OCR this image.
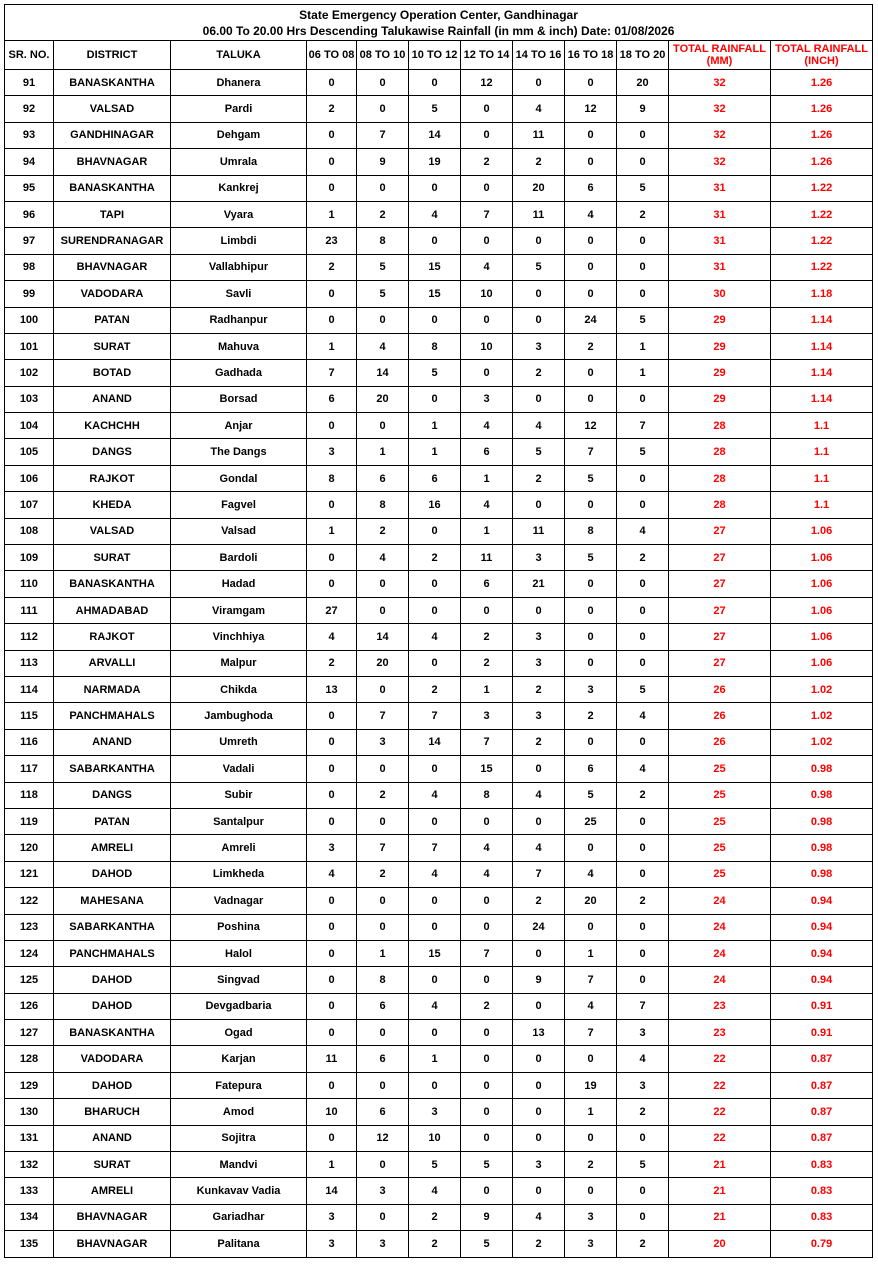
State Emergency Operation Center, Gandhinagar
06.00 To 20.00 Hrs Descending Talukawise Rainfall (in mm & inch) Date: 01/08/2026											

SR. NO.	DISTRICT	TALUKA	06 TO 08	08 TO 10	10 TO 12	12 TO 14	14 TO 16	16 TO 18	18 TO 20	TOTAL RAINFALL (MM)	TOTAL RAINFALL (INCH)
91	BANASKANTHA	Dhanera	0	0	0	12	0	0	20	32	1.26
92	VALSAD	Pardi	2	0	5	0	4	12	9	32	1.26
93	GANDHINAGAR	Dehgam	0	7	14	0	11	0	0	32	1.26
94	BHAVNAGAR	Umrala	0	9	19	2	2	0	0	32	1.26
95	BANASKANTHA	Kankrej	0	0	0	0	20	6	5	31	1.22
96	TAPI	Vyara	1	2	4	7	11	4	2	31	1.22
97	SURENDRANAGAR	Limbdi	23	8	0	0	0	0	0	31	1.22
98	BHAVNAGAR	Vallabhipur	2	5	15	4	5	0	0	31	1.22
99	VADODARA	Savli	0	5	15	10	0	0	0	30	1.18
100	PATAN	Radhanpur	0	0	0	0	0	24	5	29	1.14
101	SURAT	Mahuva	1	4	8	10	3	2	1	29	1.14
102	BOTAD	Gadhada	7	14	5	0	2	0	1	29	1.14
103	ANAND	Borsad	6	20	0	3	0	0	0	29	1.14
104	KACHCHH	Anjar	0	0	1	4	4	12	7	28	1.1
105	DANGS	The Dangs	3	1	1	6	5	7	5	28	1.1
106	RAJKOT	Gondal	8	6	6	1	2	5	0	28	1.1
107	KHEDA	Fagvel	0	8	16	4	0	0	0	28	1.1
108	VALSAD	Valsad	1	2	0	1	11	8	4	27	1.06
109	SURAT	Bardoli	0	4	2	11	3	5	2	27	1.06
110	BANASKANTHA	Hadad	0	0	0	6	21	0	0	27	1.06
111	AHMADABAD	Viramgam	27	0	0	0	0	0	0	27	1.06
112	RAJKOT	Vinchhiya	4	14	4	2	3	0	0	27	1.06
113	ARVALLI	Malpur	2	20	0	2	3	0	0	27	1.06
114	NARMADA	Chikda	13	0	2	1	2	3	5	26	1.02
115	PANCHMAHALS	Jambughoda	0	7	7	3	3	2	4	26	1.02
116	ANAND	Umreth	0	3	14	7	2	0	0	26	1.02
117	SABARKANTHA	Vadali	0	0	0	15	0	6	4	25	0.98
118	DANGS	Subir	0	2	4	8	4	5	2	25	0.98
119	PATAN	Santalpur	0	0	0	0	0	25	0	25	0.98
120	AMRELI	Amreli	3	7	7	4	4	0	0	25	0.98
121	DAHOD	Limkheda	4	2	4	4	7	4	0	25	0.98
122	MAHESANA	Vadnagar	0	0	0	0	2	20	2	24	0.94
123	SABARKANTHA	Poshina	0	0	0	0	24	0	0	24	0.94
124	PANCHMAHALS	Halol	0	1	15	7	0	1	0	24	0.94
125	DAHOD	Singvad	0	8	0	0	9	7	0	24	0.94
126	DAHOD	Devgadbaria	0	6	4	2	0	4	7	23	0.91
127	BANASKANTHA	Ogad	0	0	0	0	13	7	3	23	0.91
128	VADODARA	Karjan	11	6	1	0	0	0	4	22	0.87
129	DAHOD	Fatepura	0	0	0	0	0	19	3	22	0.87
130	BHARUCH	Amod	10	6	3	0	0	1	2	22	0.87
131	ANAND	Sojitra	0	12	10	0	0	0	0	22	0.87
132	SURAT	Mandvi	1	0	5	5	3	2	5	21	0.83
133	AMRELI	Kunkavav Vadia	14	3	4	0	0	0	0	21	0.83
134	BHAVNAGAR	Gariadhar	3	0	2	9	4	3	0	21	0.83
135	BHAVNAGAR	Palitana	3	3	2	5	2	3	2	20	0.79
